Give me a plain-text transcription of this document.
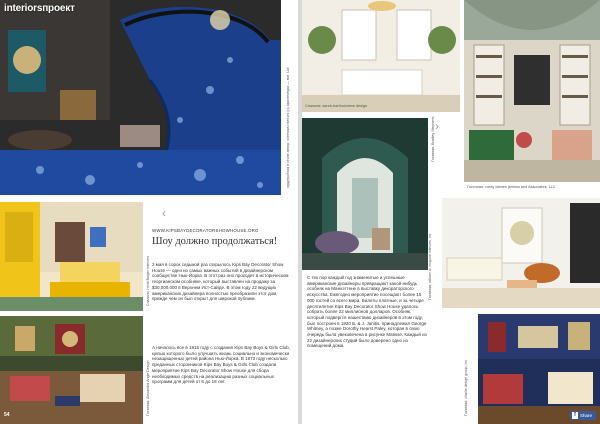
interiorsпроект
гардеробная в стиле автор: эстетика interiors (и) архитектура — все, Ltd
Спальня: Heidi Bolger Interiors
Гостиная: Alexandra Angle Design
‹
WWW.KIPSBAYDECORATORSHOWHOUSE.ORG
Шоу должно продолжаться!

2 мая в сорок седьмой раз открылось Kips Bay Decorator Show House — одно из самых важных событий в дизайнерском сообществе Нью-Йорка. В этот раз оно проходит в историческом георгианском особняке, который выставлен на продажу за $30,000,000 в Верхнем Ист-Сайде. В этом году 22 ведущих американских дизайнера полностью преобразили этот дом, прежде чем он был открыт для широкой публики.

А началось все в 1915 году с создания Kips Bay Boys & Girls Club, целью которого было улучшить жизнь социально и экономически незащищенных детей района Нью-Йорка. В 1973 году несколько преданных сторонников Kips Bay Boys & Girls Club создали мероприятие Kips Bay Decorator Show House для сбора необходимых средств на реализацию разных социальных программ для детей от 6 до 18 лет.

54
Спальня: sarah-bartholomew design
Гостиная: corey damen jenkins and Associates, LLC
Гостиная: Bradley Stephens
Гостиная: william w. mcguire interiors, inc
Гостиная: charlie design group, inc
›

С тех пор каждый год знаменитые и успешные американские дизайнеры превращают какой-нибудь особняк на Манхэттене в выставку декораторского искусства. Ежегодно мероприятие посещают более 15 000 гостей со всего мира. Билеты платные, и за четыре десятилетия Kips Bay Decorator Show House удалось собрать более 22 миллионов долларов. Особняк, который подвергся нашествию дизайнеров в этом году, был построен в 1920 Б. & J. Janitis, принадлежал George Whitney, а позже Dorothy Hearst Paley, которая в свою очередь была увековечена в рисунке Matisse. Каждый из 22 дизайнерских студий было доверено одно из помещений дома.

f Share
